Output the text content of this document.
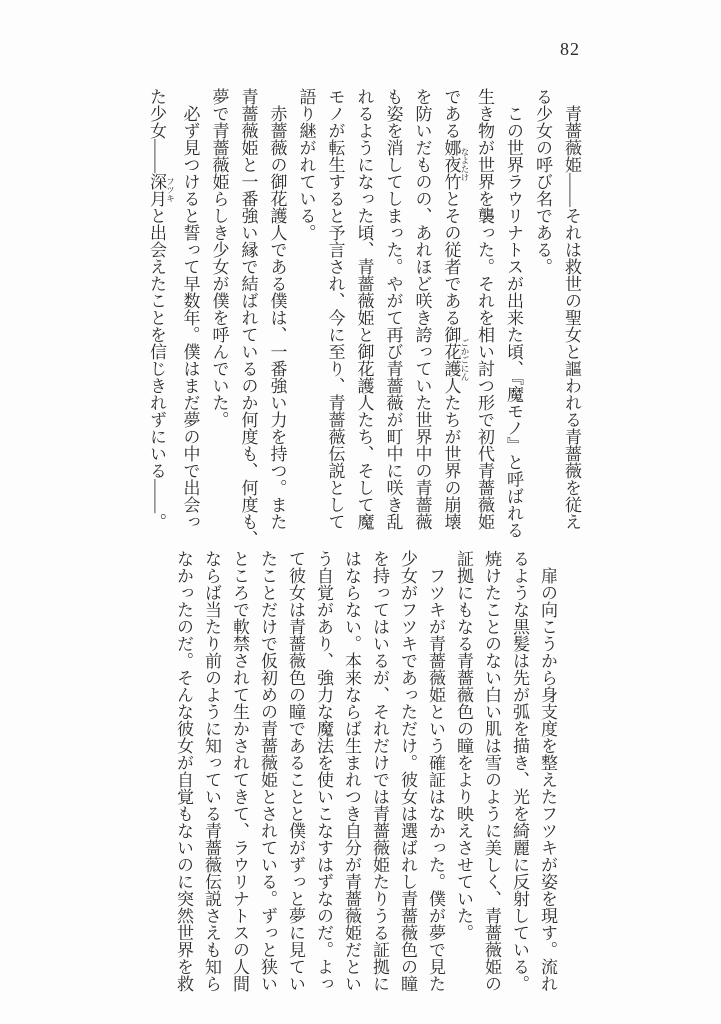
82
　青薔薇姫――それは救世の聖女と謳われる青薔薇を従え
る少女の呼び名である。
　この世界ラウリナトスが出来た頃、『魔モノ』と呼ばれる
生き物が世界を襲った。それを相い討つ形で初代青薔薇姫
である娜夜竹 なよたけとその従者である御花護人 ごかごにんたちが世界の崩壊
を防いだものの、あれほど咲き誇っていた世界中の青薔薇
も姿を消してしまった。やがて再び青薔薇が町中に咲き乱
れるようになった頃、青薔薇姫と御花護人たち、そして魔
モノが転生すると予言され、今に至り、青薔薇伝説として
語り継がれている。
　赤薔薇の御花護人である僕は、一番強い力を持つ。また
青薔薇姫と一番強い縁で結ばれているのか何度も、何度も、
夢で青薔薇姫らしき少女が僕を呼んでいた。
　必ず見つけると誓って早数年。僕はまだ夢の中で出会っ
た少女――深月 フツキと出会えたことを信じきれずにいる――。
　扉の向こうから身支度を整えたフツキが姿を現す。流れ
るような黒髪は先が弧を描き、光を綺麗に反射している。
焼けたことのない白い肌は雪のように美しく、青薔薇姫の
証拠にもなる青薔薇色の瞳をより映えさせていた。
　フツキが青薔薇姫という確証はなかった。僕が夢で見た
少女がフツキであっただけ。彼女は選ばれし青薔薇色の瞳
を持ってはいるが、それだけでは青薔薇姫たりうる証拠に
はならない。本来ならば生まれつき自分が青薔薇姫だとい
う自覚があり、強力な魔法を使いこなすはずなのだ。よっ
て彼女は青薔薇色の瞳であることと僕がずっと夢に見てい
たことだけで仮初めの青薔薇姫とされている。ずっと狭い
ところで軟禁されて生かされてきて、ラウリナトスの人間
ならば当たり前のように知っている青薔薇伝説さえも知ら
なかったのだ。そんな彼女が自覚もないのに突然世界を救
